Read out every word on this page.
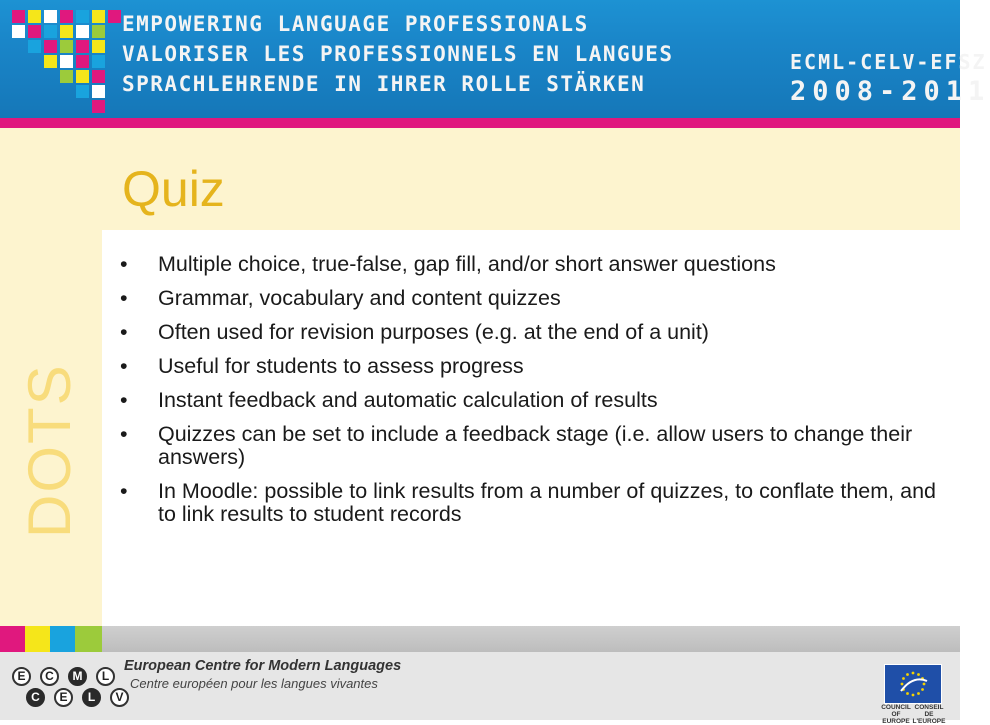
EMPOWERING LANGUAGE PROFESSIONALS
VALORISER LES PROFESSIONNELS EN LANGUES
SPRACHLEHRENDE IN IHRER ROLLE STÄRKEN
ECML-CELV-EFSZ
2008-2011
Quiz
DOTS
• Multiple choice, true-false, gap fill, and/or short answer questions
• Grammar, vocabulary and content quizzes
• Often used for revision purposes (e.g. at the end of a unit)
• Useful for students to assess progress
• Instant feedback and automatic calculation of results
• Quizzes can be set to include a feedback stage (i.e. allow users to change their answers)
• In Moodle: possible to link results from a number of quizzes, to conflate them, and to link results to student records
E
C
C
E
M
L
L
V
European Centre for Modern Languages
Centre européen pour les langues vivantes
COUNCIL OF EUROPE
CONSEIL DE L'EUROPE
